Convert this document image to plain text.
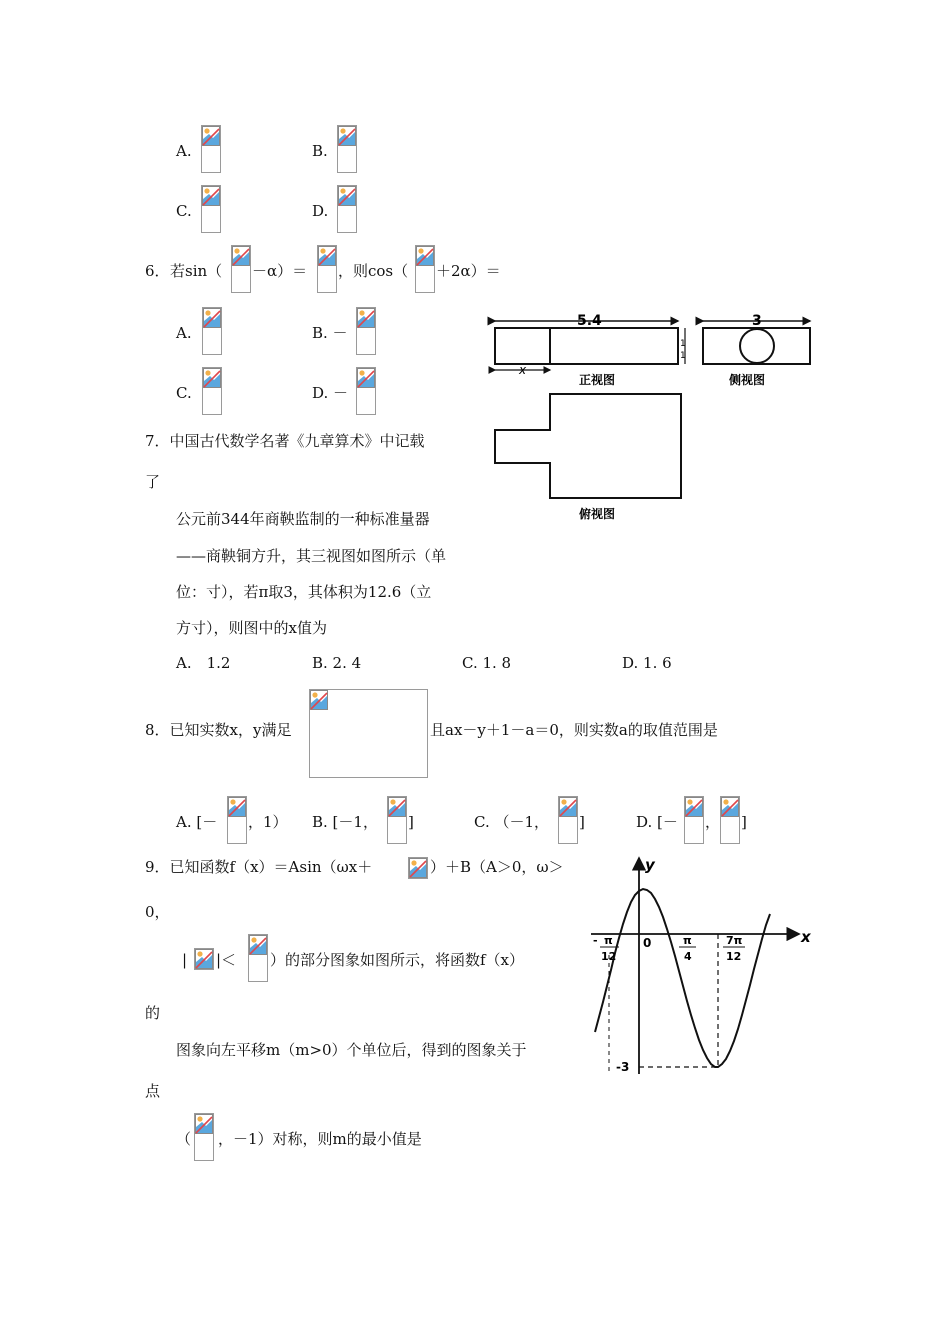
A.	B.
C.	D.
6． 若sin（ －α）＝ ，则cos（ ＋2α）＝
A.	B. －
C.	D. －
7．中国古代数学名著《九章算术》中记载
了
公元前344年商鞅监制的一种标准量器
——商鞅铜方升，其三视图如图所示（单
位：寸），若π取3，其体积为12.6（立
方寸），则图中的x值为
A.　1.2	B. 2. 4	C. 1. 8	D. 1. 6
5.4
x
1
1
正视图
3
侧视图
俯视图
8．已知实数x，y满足	且ax－y＋1－a＝0，则实数a的取值范围是
A. [－ ，1） B. [－1， ]	C. （－1， ]	D. [－ ， ]
9．已知函数f（x）＝Asin（ωx＋	）＋B（A＞0，ω＞
0，
| |＜ ）的部分图象如图所示，将函数f（x）
的
图象向左平移m（m>0）个单位后，得到的图象关于
点
（ ，－1）对称，则m的最小值是
y
x
0
-3
- π
12
π
4
7π
12
